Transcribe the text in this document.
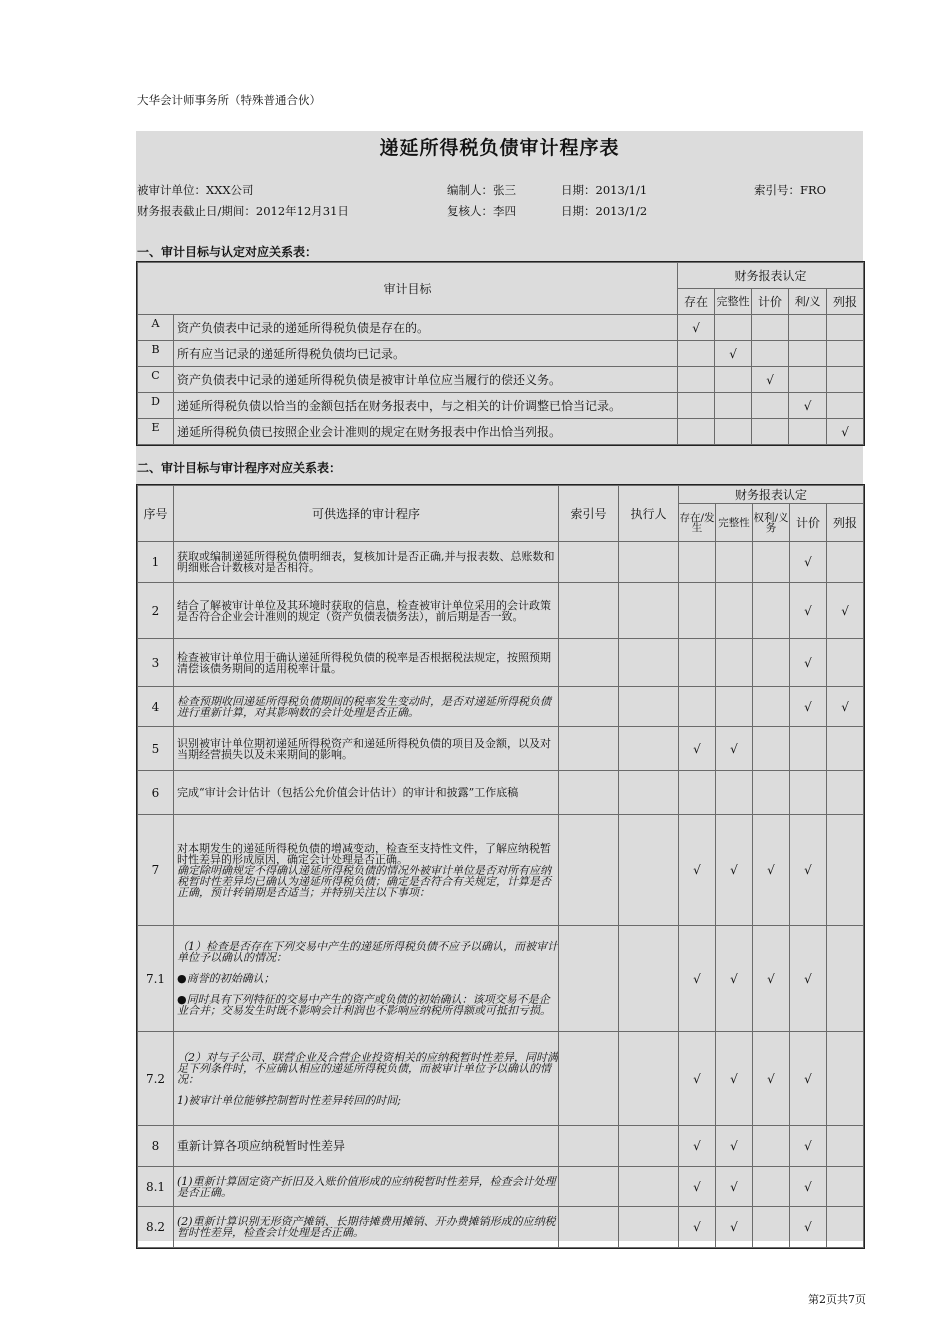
大华会计师事务所（特殊普通合伙）
递延所得税负债审计程序表
被审计单位：XXX公司
财务报表截止日/期间：2012年12月31日
编制人：张三
复核人：李四
日期：2013/1/1
日期：2013/1/2
索引号：FRO
一、审计目标与认定对应关系表：
审计目标		财务报表认定				
		存在	完整性	计价	利/义	列报
A	资产负债表中记录的递延所得税负债是存在的。	√				
B	所有应当记录的递延所得税负债均已记录。		√			
C	资产负债表中记录的递延所得税负债是被审计单位应当履行的偿还义务。			√		
D	递延所得税负债以恰当的金额包括在财务报表中，与之相关的计价调整已恰当记录。				√	
E	递延所得税负债已按照企业会计准则的规定在财务报表中作出恰当列报。					√
二、审计目标与审计程序对应关系表：
序号	可供选择的审计程序	索引号	执行人	财务报表认定				
				存在/发生	完整性	权利/义务	计价	列报
1	获取或编制递延所得税负债明细表，复核加计是否正确,并与报表数、总账数和明细账合计数核对是否相符。						√	
2	结合了解被审计单位及其环境时获取的信息，检查被审计单位采用的会计政策是否符合企业会计准则的规定（资产负债表债务法），前后期是否一致。						√	√
3	检查被审计单位用于确认递延所得税负债的税率是否根据税法规定，按照预期清偿该债务期间的适用税率计量。						√	
4	检查预期收回递延所得税负债期间的税率发生变动时，是否对递延所得税负债进行重新计算，对其影响数的会计处理是否正确。						√	√
5	识别被审计单位期初递延所得税资产和递延所得税负债的项目及金额，以及对当期经营损失以及未来期间的影响。			√	√			
6	完成“审计会计估计（包括公允价值会计估计）的审计和披露”工作底稿							
7	对本期发生的递延所得税负债的增减变动，检查至支持性文件，了解应纳税暂时性差异的形成原因，确定会计处理是否正确。
确定除明确规定不得确认递延所得税负债的情况外被审计单位是否对所有应纳税暂时性差异均已确认为递延所得税负债；确定是否符合有关规定，计算是否正确，预计转销期是否适当；并特别关注以下事项：			√	√	√	√	
7.1	（1）检查是否存在下列交易中产生的递延所得税负债不应予以确认，而被审计单位予以确认的情况：
●商誉的初始确认；
●同时具有下列特征的交易中产生的资产或负债的初始确认：该项交易不是企业合并；交易发生时既不影响会计利润也不影响应纳税所得额或可抵扣亏损。			√	√	√	√	
7.2	（2）对与子公司、联营企业及合营企业投资相关的应纳税暂时性差异，同时满足下列条件时，不应确认相应的递延所得税负债，而被审计单位予以确认的情况：
1)被审计单位能够控制暂时性差异转回的时间;			√	√	√	√	
8	重新计算各项应纳税暂时性差异			√	√		√	
8.1	(1)重新计算固定资产折旧及入账价值形成的应纳税暂时性差异，检查会计处理是否正确。			√	√		√	
8.2	(2)重新计算识别无形资产摊销、长期待摊费用摊销、开办费摊销形成的应纳税暂时性差异，检查会计处理是否正确。			√	√		√	
第2页共7页
